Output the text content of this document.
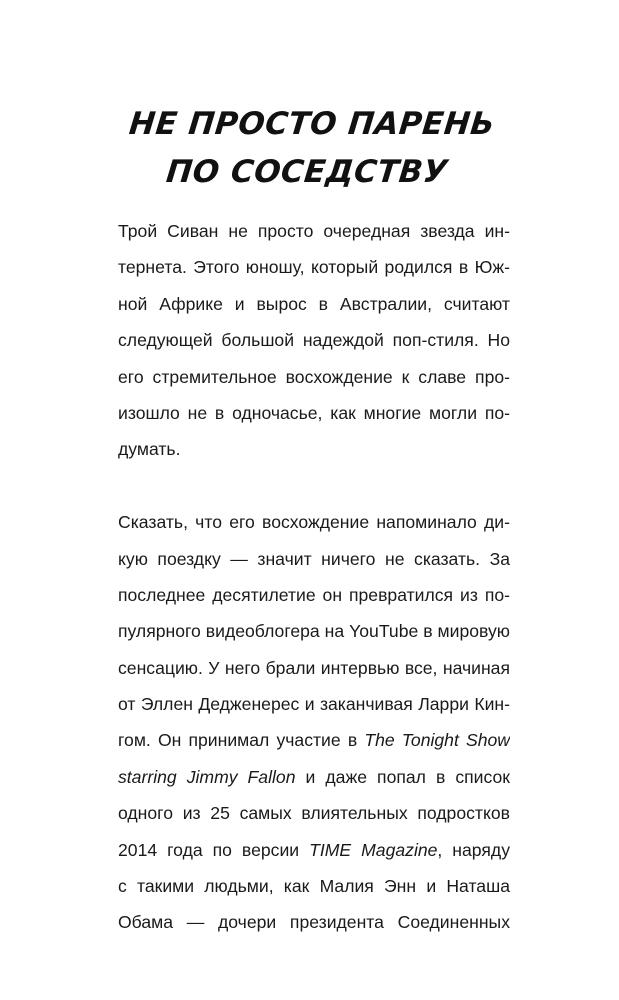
НЕ ПРОСТО ПАРЕНЬ
ПО СОСЕДСТВУ
Трой Сиван не просто очередная звезда ин-
тернета. Этого юношу, который родился в Юж-
ной Африке и вырос в Австралии, считают
следующей большой надеждой поп-стиля. Но
его стремительное восхождение к славе про-
изошло не в одночасье, как многие могли по-
думать.
Сказать, что его восхождение напоминало ди-
кую поездку — значит ничего не сказать. За
последнее десятилетие он превратился из по-
пулярного видеоблогера на YouTube в мировую
сенсацию. У него брали интервью все, начиная
от Эллен Дедженерес и заканчивая Ларри Кин-
гом. Он принимал участие в The Tonight Show
starring Jimmy Fallon и даже попал в список
одного из 25 самых влиятельных подростков
2014 года по версии TIME Magazine, наряду
с такими людьми, как Малия Энн и Наташа
Обама — дочери президента Соединенных
